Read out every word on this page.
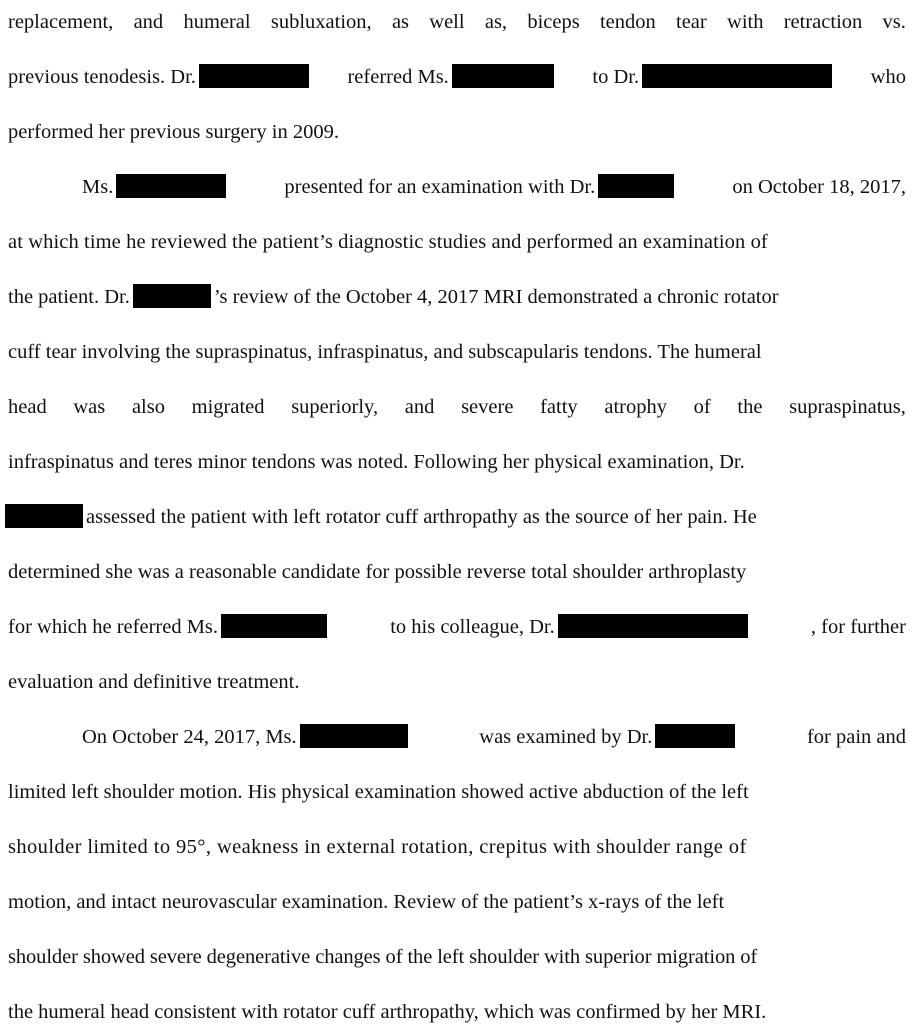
replacement, and humeral subluxation, as well as, biceps tendon tear with retraction vs.
previous tenodesis. Dr.	referred Ms.	to Dr.	who
performed her previous surgery in 2009.
Ms.	presented for an examination with Dr.	on October 18, 2017,
at which time he reviewed the patient’s diagnostic studies and performed an examination of
the patient. Dr.	’s review of the October 4, 2017 MRI demonstrated a chronic rotator
cuff tear involving the supraspinatus, infraspinatus, and subscapularis tendons. The humeral
head was also migrated superiorly, and severe fatty atrophy of the supraspinatus,
infraspinatus and teres minor tendons was noted. Following her physical examination, Dr.
assessed the patient with left rotator cuff arthropathy as the source of her pain. He
determined she was a reasonable candidate for possible reverse total shoulder arthroplasty
for which he referred Ms.	to his colleague, Dr.	, for further
evaluation and definitive treatment.
On October 24, 2017, Ms.	was examined by Dr.	for pain and
limited left shoulder motion. His physical examination showed active abduction of the left
shoulder limited to 95°, weakness in external rotation, crepitus with shoulder range of
motion, and intact neurovascular examination. Review of the patient’s x-rays of the left
shoulder showed severe degenerative changes of the left shoulder with superior migration of
the humeral head consistent with rotator cuff arthropathy, which was confirmed by her MRI.
